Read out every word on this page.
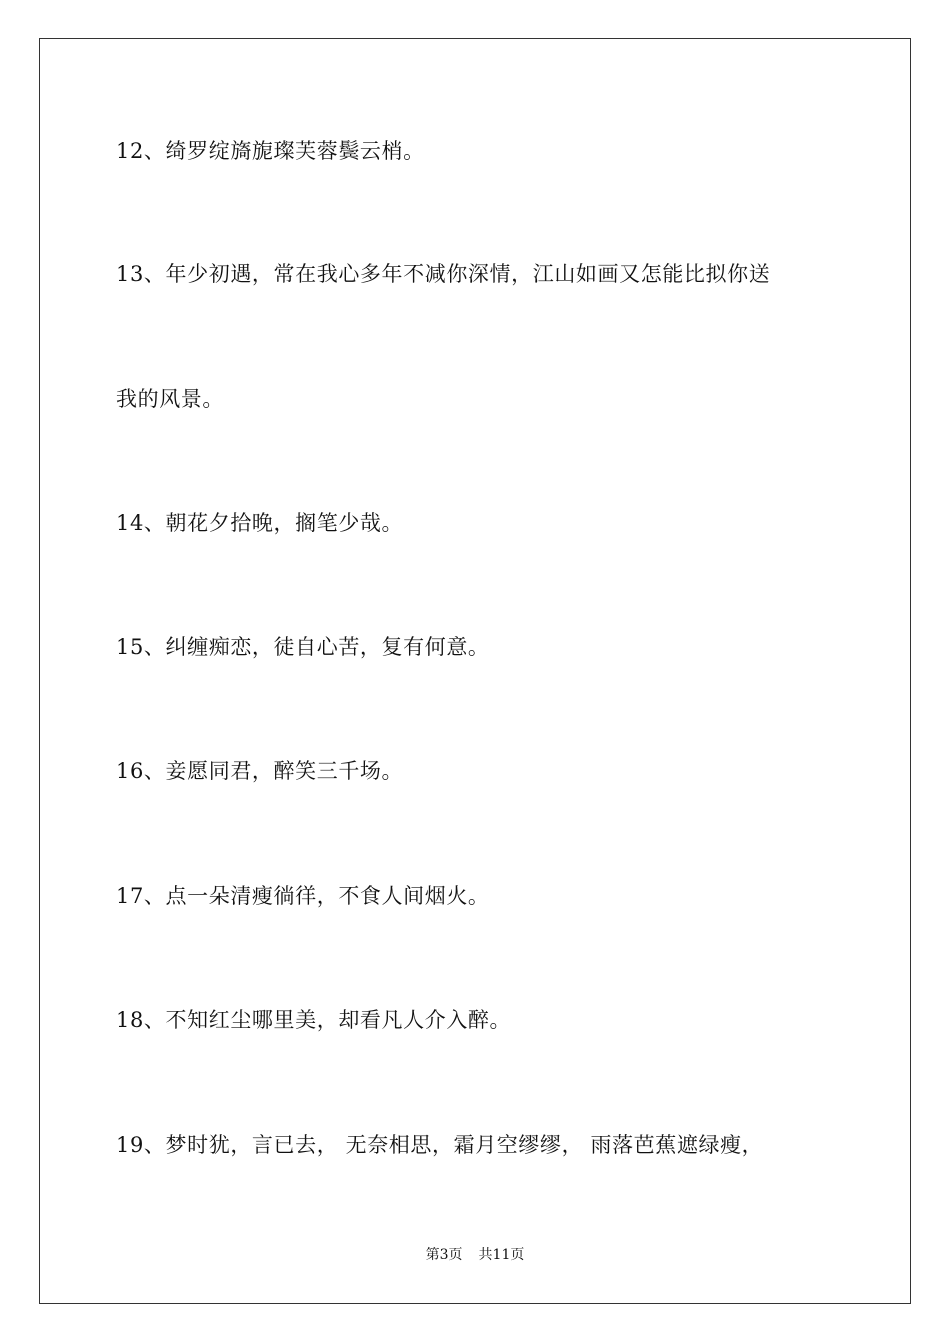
12、绮罗绽旖旎璨芙蓉鬓云梢。
13、年少初遇，常在我心多年不减你深情，江山如画又怎能比拟你送
我的风景。
14、朝花夕拾晚，搁笔少哉。
15、纠缠痴恋，徒自心苦，复有何意。
16、妾愿同君，醉笑三千场。
17、点一朵清瘦徜徉，不食人间烟火。
18、不知红尘哪里美，却看凡人介入醉。
19、梦时犹，言已去， 无奈相思，霜月空缪缪， 雨落芭蕉遮绿瘦，
第3页 共11页
